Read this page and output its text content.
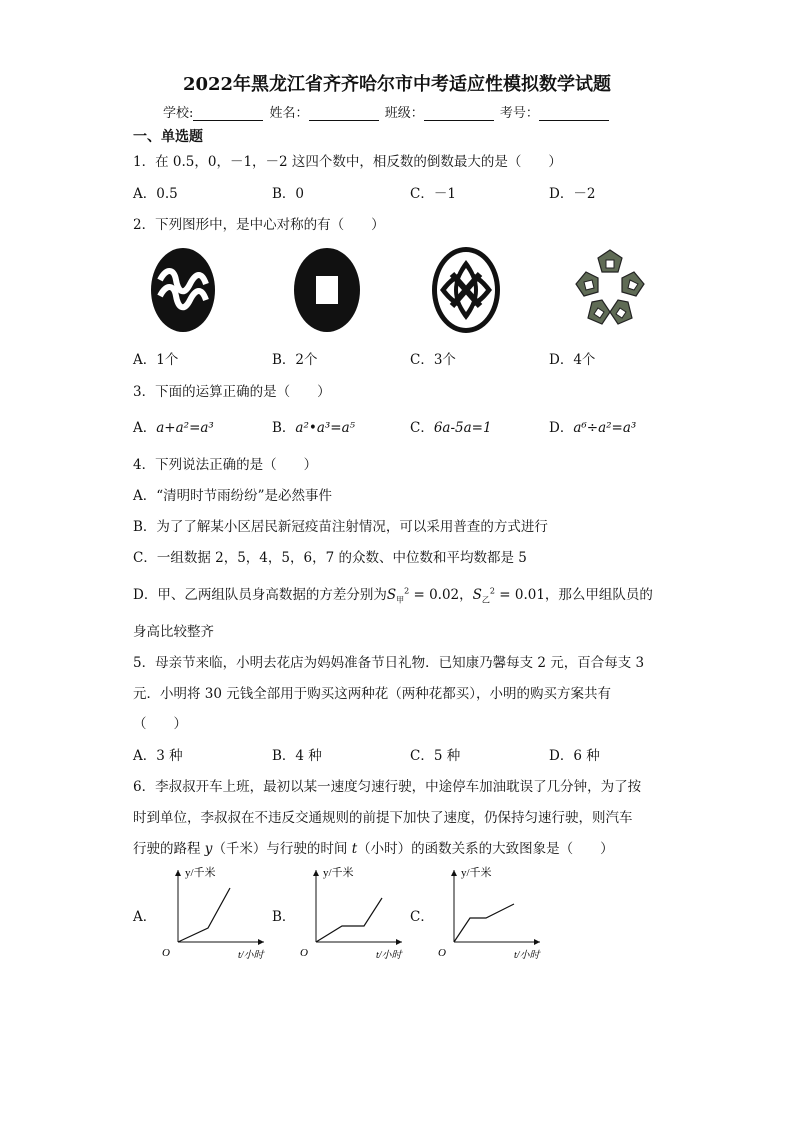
2022年黑龙江省齐齐哈尔市中考适应性模拟数学试题
学校:	姓名：	班级：	考号：
一、单选题
1．在 0.5，0，－1，－2 这四个数中，相反数的倒数最大的是（　　）
A．0.5	B．0	C．－1	D．－2
2．下列图形中，是中心对称的有（　　）
A．1个	B．2个	C．3个	D．4个
3．下面的运算正确的是（　　）
A．a+a²=a³	B．a²•a³=a⁵	C．6a-5a=1	D．a⁶÷a²=a³
4．下列说法正确的是（　　）
A．“清明时节雨纷纷”是必然事件
B．为了了解某小区居民新冠疫苗注射情况，可以采用普查的方式进行
C．一组数据 2，5，4，5，6，7 的众数、中位数和平均数都是 5
D．甲、乙两组队员身高数据的方差分别为$S_甲^2 = 0.02$，$S_乙^2 = 0.01$，那么甲组队员的
身高比较整齐
5．母亲节来临，小明去花店为妈妈准备节日礼物．已知康乃馨每支 2 元，百合每支 3
元．小明将 30 元钱全部用于购买这两种花（两种花都买），小明的购买方案共有
（　　）
A．3 种	B．4 种	C．5 种	D．6 种
6．李叔叔开车上班，最初以某一速度匀速行驶，中途停车加油耽误了几分钟，为了按
时到单位，李叔叔在不违反交通规则的前提下加快了速度，仍保持匀速行驶，则汽车
行驶的路程 y（千米）与行驶的时间 t（小时）的函数关系的大致图象是（　　）
A．	B．	C．
y/千米
t/小时
O
y/千米
t/小时
O
y/千米
t/小时
O
